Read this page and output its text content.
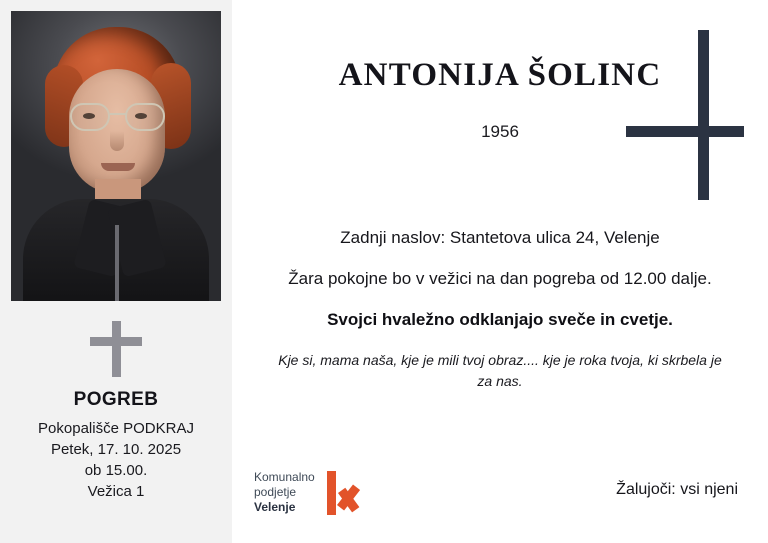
POGREB
Pokopališče PODKRAJ
Petek, 17. 10. 2025
ob 15.00.
Vežica 1
ANTONIJA ŠOLINC
1956
Zadnji naslov: Stantetova ulica 24, Velenje
Žara pokojne bo v vežici na dan pogreba od 12.00 dalje.
Svojci hvaležno odklanjajo sveče in cvetje.
Kje si, mama naša, kje je mili tvoj obraz.... kje je roka tvoja, ki skrbela je za nas.
Žalujoči: vsi njeni
Komunalno
podjetje
Velenje
